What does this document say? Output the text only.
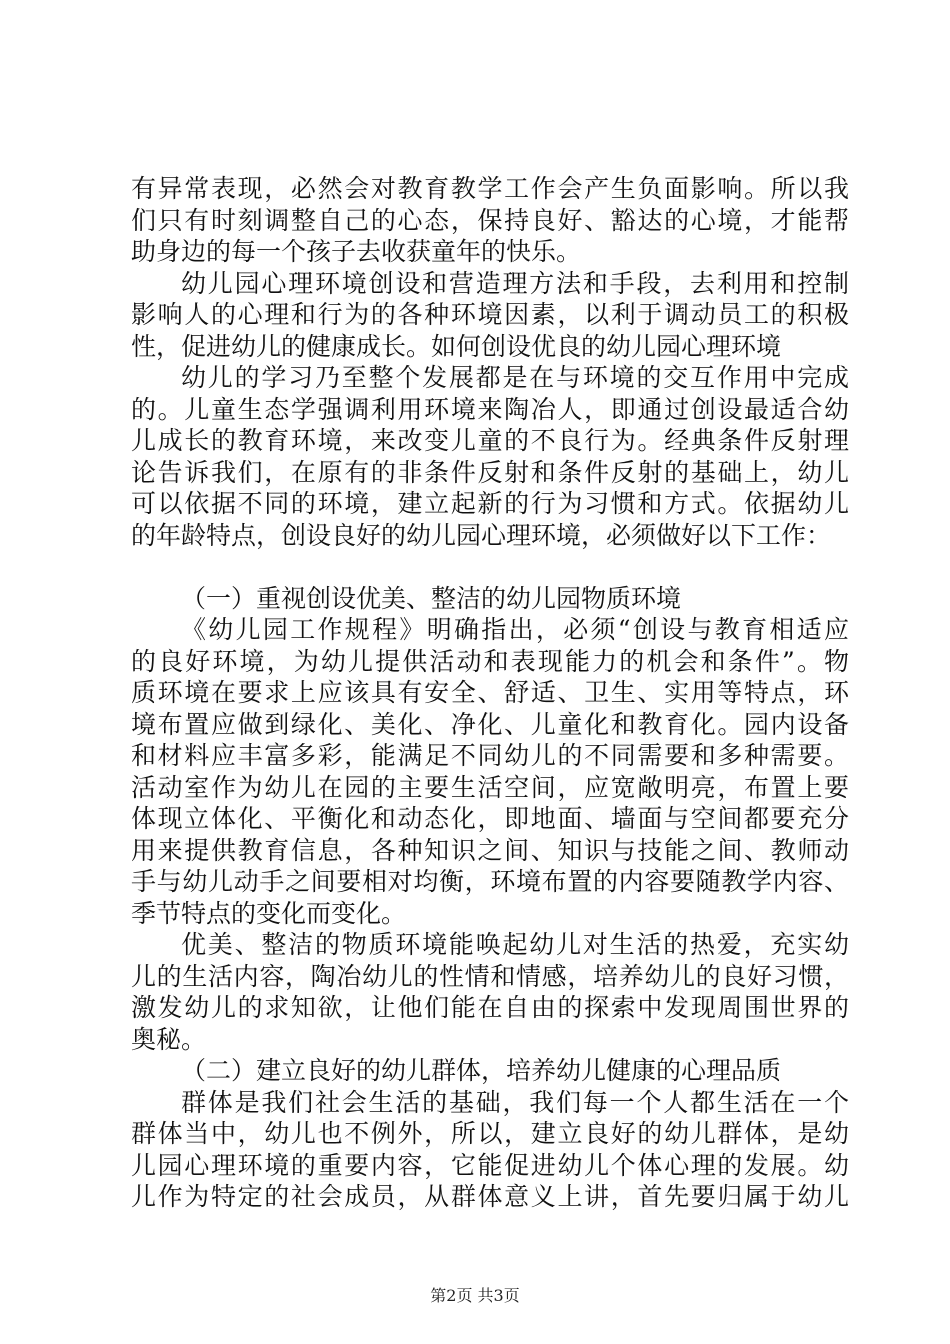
有异常表现，必然会对教育教学工作会产生负面影响。所以我
们只有时刻调整自己的心态，保持良好、豁达的心境，才能帮
助身边的每一个孩子去收获童年的快乐。
幼儿园心理环境创设和营造理方法和手段，去利用和控制
影响人的心理和行为的各种环境因素，以利于调动员工的积极
性，促进幼儿的健康成长。如何创设优良的幼儿园心理环境
幼儿的学习乃至整个发展都是在与环境的交互作用中完成
的。儿童生态学强调利用环境来陶冶人，即通过创设最适合幼
儿成长的教育环境，来改变儿童的不良行为。经典条件反射理
论告诉我们，在原有的非条件反射和条件反射的基础上，幼儿
可以依据不同的环境，建立起新的行为习惯和方式。依据幼儿
的年龄特点，创设良好的幼儿园心理环境，必须做好以下工作：
（一）重视创设优美、整洁的幼儿园物质环境
《幼儿园工作规程》明确指出，必须“创设与教育相适应
的良好环境，为幼儿提供活动和表现能力的机会和条件”。物
质环境在要求上应该具有安全、舒适、卫生、实用等特点，环
境布置应做到绿化、美化、净化、儿童化和教育化。园内设备
和材料应丰富多彩，能满足不同幼儿的不同需要和多种需要。
活动室作为幼儿在园的主要生活空间，应宽敞明亮，布置上要
体现立体化、平衡化和动态化，即地面、墙面与空间都要充分
用来提供教育信息，各种知识之间、知识与技能之间、教师动
手与幼儿动手之间要相对均衡，环境布置的内容要随教学内容、
季节特点的变化而变化。
优美、整洁的物质环境能唤起幼儿对生活的热爱，充实幼
儿的生活内容，陶冶幼儿的性情和情感，培养幼儿的良好习惯，
激发幼儿的求知欲，让他们能在自由的探索中发现周围世界的
奥秘。
（二）建立良好的幼儿群体，培养幼儿健康的心理品质
群体是我们社会生活的基础，我们每一个人都生活在一个
群体当中，幼儿也不例外，所以，建立良好的幼儿群体，是幼
儿园心理环境的重要内容，它能促进幼儿个体心理的发展。幼
儿作为特定的社会成员，从群体意义上讲，首先要归属于幼儿
第2页 共3页
